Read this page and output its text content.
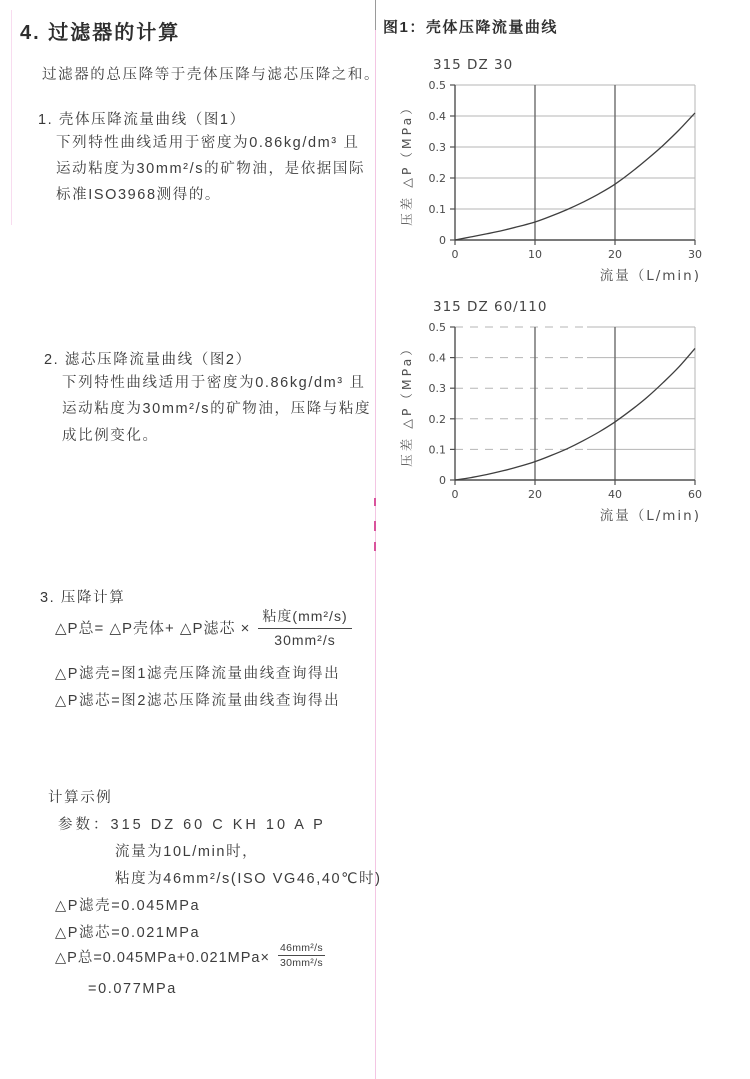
4. 过滤器的计算
过滤器的总压降等于壳体压降与滤芯压降之和。
1. 壳体压降流量曲线（图1）
下列特性曲线适用于密度为0.86kg/dm³ 且
运动粘度为30mm²/s的矿物油，是依据国际
标准ISO3968测得的。
2. 滤芯压降流量曲线（图2）
下列特性曲线适用于密度为0.86kg/dm³ 且
运动粘度为30mm²/s的矿物油，压降与粘度
成比例变化。
3. 压降计算
△P总= △P壳体+ △P滤芯 × $\frac{\text{粘度(mm²/s)}}{\text{30mm²/s}}$
△P滤壳=图1滤壳压降流量曲线查询得出
△P滤芯=图2滤芯压降流量曲线查询得出
计算示例
参数：315 DZ 60 C KH 10 A P
流量为10L/min时，
粘度为46mm²/s(ISO VG46,40℃时)
△P滤壳=0.045MPa
△P滤芯=0.021MPa
△P总$=0.045MPa+0.021MPa\times \frac{\text{46mm²/s}}{\text{30mm²/s}}$
=0.077MPa
图1：壳体压降流量曲线
0
0.1
0.2
0.3
0.4
0.5
0	10	20	30
315 DZ 30
流量（L/min)
压差 △P（MPa）
0
0.1
0.2
0.3
0.4
0.5
0	20	40	60
315 DZ 60/110
流量（L/min)
压差 △P（MPa）
